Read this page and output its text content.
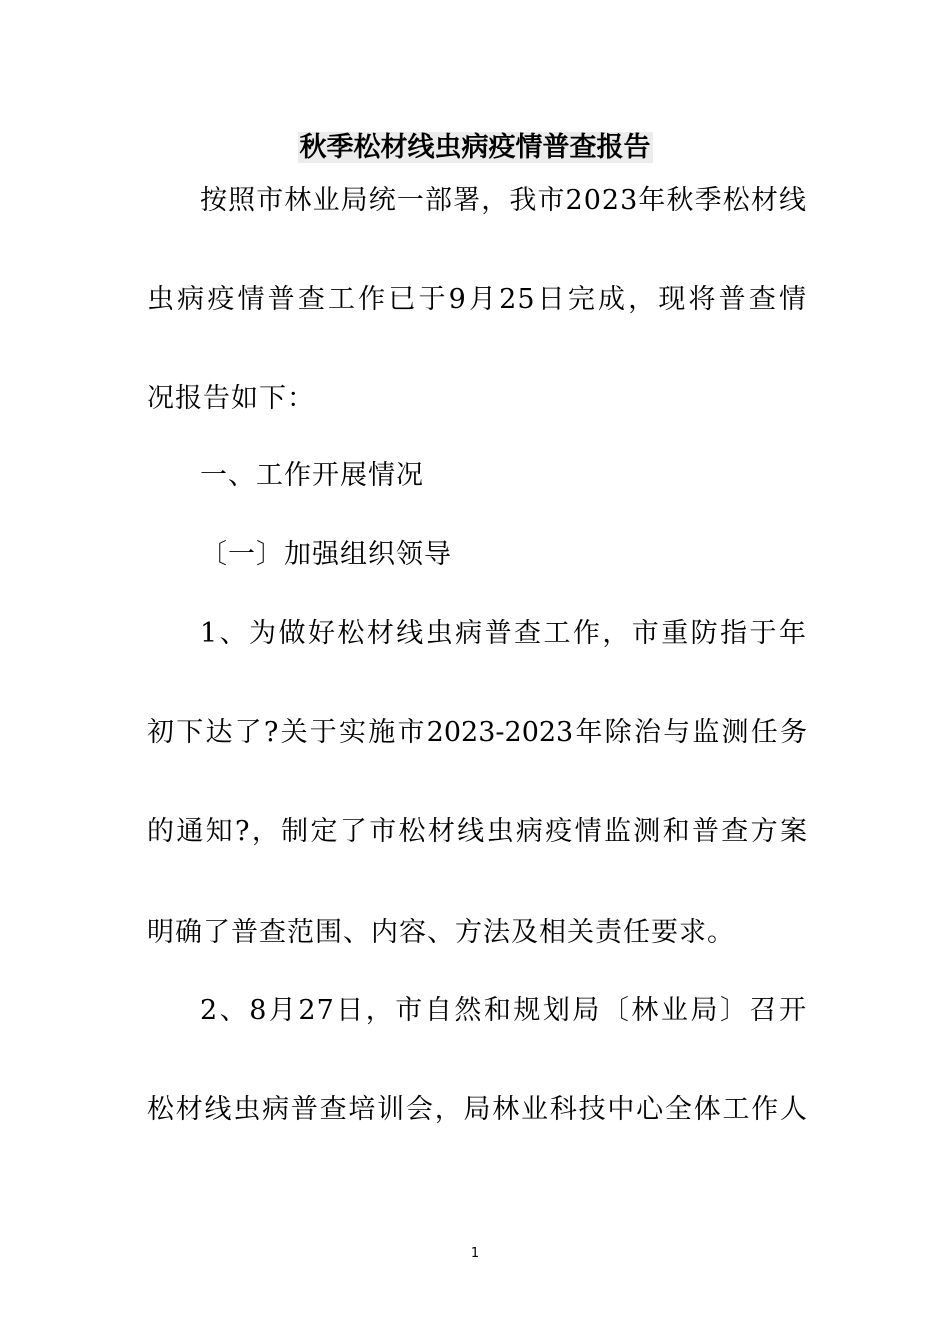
秋季松材线虫病疫情普查报告
按照市林业局统一部署，我市2023年秋季松材线
虫病疫情普查工作已于9月25日完成，现将普查情
况报告如下：
一、工作开展情况
〔一〕加强组织领导
1、为做好松材线虫病普查工作，市重防指于年
初下达了?关于实施市2023-2023年除治与监测任务
的通知?，制定了市松材线虫病疫情监测和普查方案
明确了普查范围、内容、方法及相关责任要求。
2、8月27日，市自然和规划局〔林业局〕召开
松材线虫病普查培训会，局林业科技中心全体工作人
1
